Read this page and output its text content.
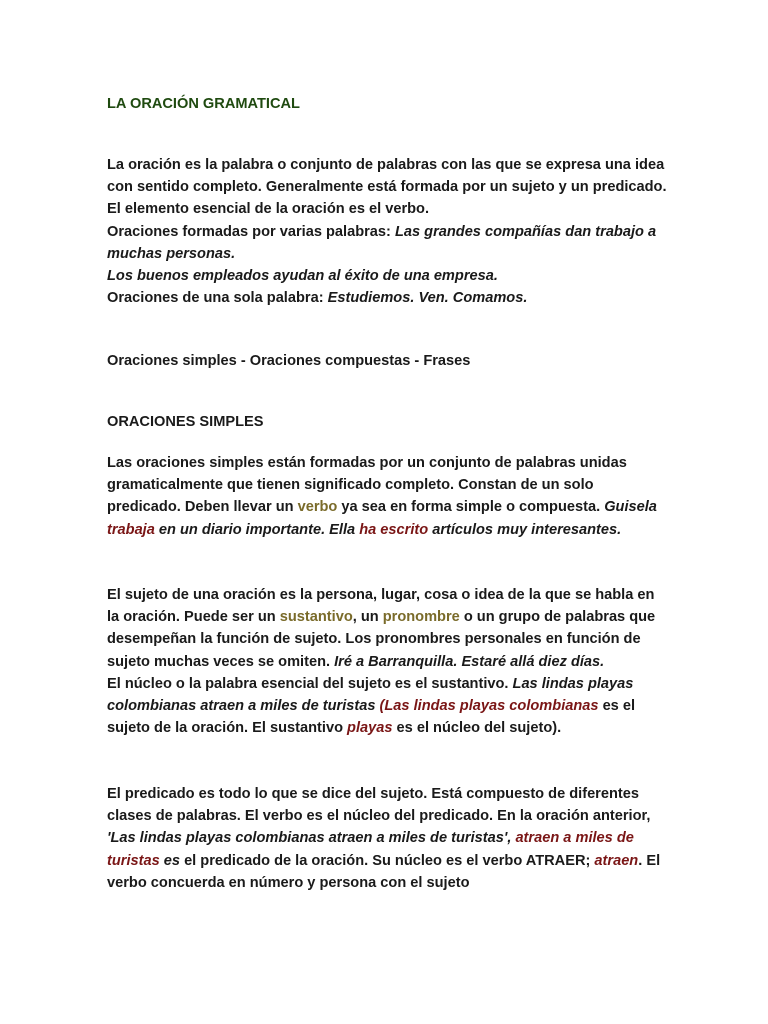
LA ORACIÓN GRAMATICAL

La oración es la palabra o conjunto de palabras con las que se expresa una idea con sentido completo. Generalmente está formada por un sujeto y un predicado. El elemento esencial de la oración es el verbo.
Oraciones formadas por varias palabras: Las grandes compañías dan trabajo a muchas personas.
Los buenos empleados ayudan al éxito de una empresa.
Oraciones de una sola palabra: Estudiemos. Ven. Comamos.

Oraciones simples - Oraciones compuestas - Frases

ORACIONES SIMPLES

Las oraciones simples están formadas por un conjunto de palabras unidas gramaticalmente que tienen significado completo. Constan de un solo predicado. Deben llevar un verbo ya sea en forma simple o compuesta. Guisela trabaja en un diario importante. Ella ha escrito artículos muy interesantes.

El sujeto de una oración es la persona, lugar, cosa o idea de la que se habla en la oración. Puede ser un sustantivo, un pronombre o un grupo de palabras que desempeñan la función de sujeto. Los pronombres personales en función de sujeto muchas veces se omiten. Iré a Barranquilla. Estaré allá diez días.
El núcleo o la palabra esencial del sujeto es el sustantivo. Las lindas playas colombianas atraen a miles de turistas (Las lindas playas colombianas es el sujeto de la oración. El sustantivo playas es el núcleo del sujeto).

El predicado es todo lo que se dice del sujeto. Está compuesto de diferentes clases de palabras. El verbo es el núcleo del predicado. En la oración anterior, 'Las lindas playas colombianas atraen a miles de turistas', atraen a miles de turistas es el predicado de la oración. Su núcleo es el verbo ATRAER; atraen. El verbo concuerda en número y persona con el sujeto
